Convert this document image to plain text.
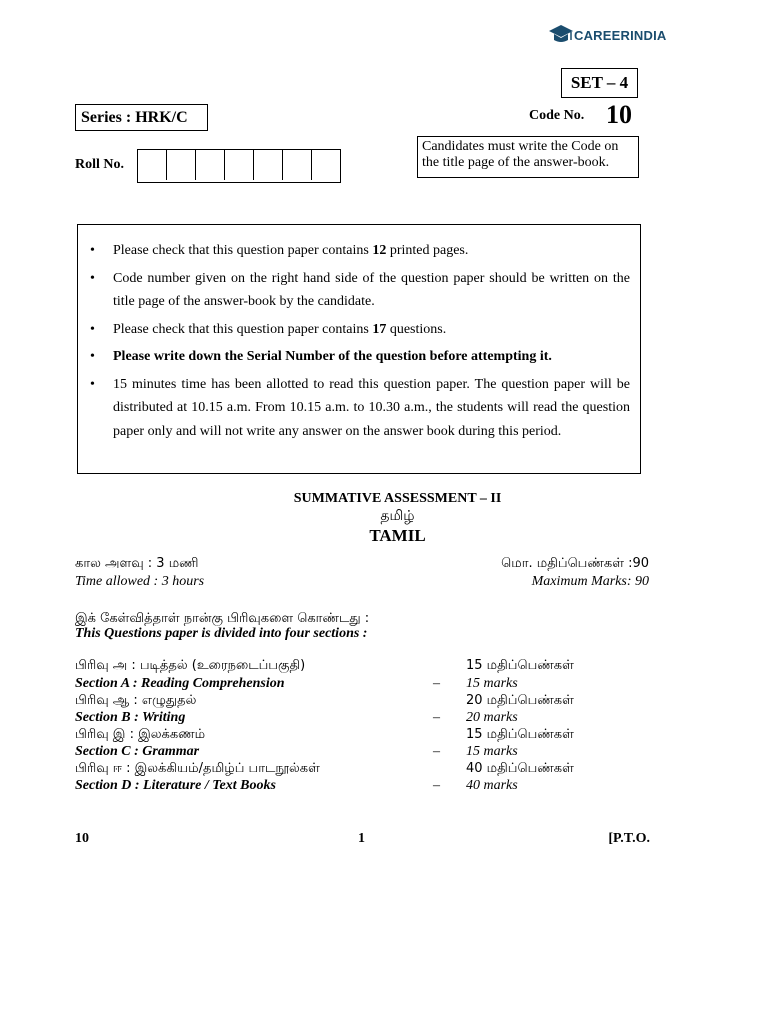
CAREERINDIA
SET – 4
Series : HRK/C	Code No. 10
Roll No.
Candidates must write the Code on
the title page of the answer-book.
• Please check that this question paper contains 12 printed pages.
• Code number given on the right hand side of the question paper should be written on the title page of the answer-book by the candidate.
• Please check that this question paper contains 17 questions.
• Please write down the Serial Number of the question before attempting it.
• 15 minutes time has been allotted to read this question paper. The question paper will be distributed at 10.15 a.m. From 10.15 a.m. to 10.30 a.m., the students will read the question paper only and will not write any answer on the answer book during this period.
SUMMATIVE ASSESSMENT – II
தமிழ்
TAMIL
கால அளவு : 3 மணி	மொ. மதிப்பெண்கள் :90
Time allowed : 3 hours	Maximum Marks: 90
இக் கேள்வித்தாள் நான்கு பிரிவுகளை கொண்டது :
This Questions paper is divided into four sections :
பிரிவு அ : படித்தல் (உரைநடைப்பகுதி)	15 மதிப்பெண்கள்
Section A : Reading Comprehension	– 15 marks
பிரிவு ஆ : எழுதுதல்	20 மதிப்பெண்கள்
Section B : Writing	– 20 marks
பிரிவு இ : இலக்கணம்	15 மதிப்பெண்கள்
Section C : Grammar	– 15 marks
பிரிவு ஈ : இலக்கியம்/தமிழ்ப் பாடநூல்கள்	40 மதிப்பெண்கள்
Section D : Literature / Text Books	– 40 marks
10	1	[P.T.O.
